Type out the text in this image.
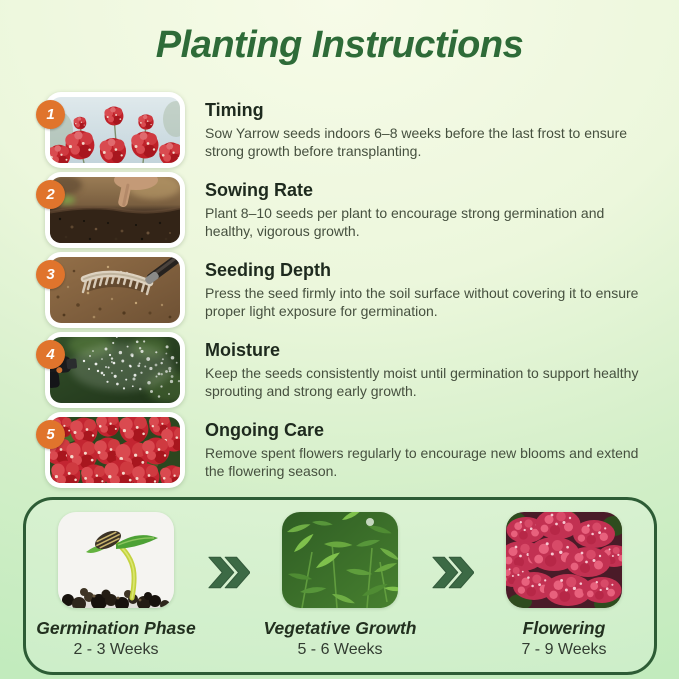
Planting Instructions
1	Timing
Sow Yarrow seeds indoors 6–8 weeks before the last frost to ensure strong growth before transplanting.
2	Sowing Rate
Plant 8–10 seeds per plant to encourage strong germination and healthy, vigorous growth.
3	Seeding Depth
Press the seed firmly into the soil surface without covering it to ensure proper light exposure for germination.
4	Moisture
Keep the seeds consistently moist until germination to support healthy sprouting and strong early growth.
5	Ongoing Care
Remove spent flowers regularly to encourage new blooms and extend the flowering season.
Germination Phase
2 - 3 Weeks
Vegetative Growth
5 - 6 Weeks
Flowering
7 - 9 Weeks
